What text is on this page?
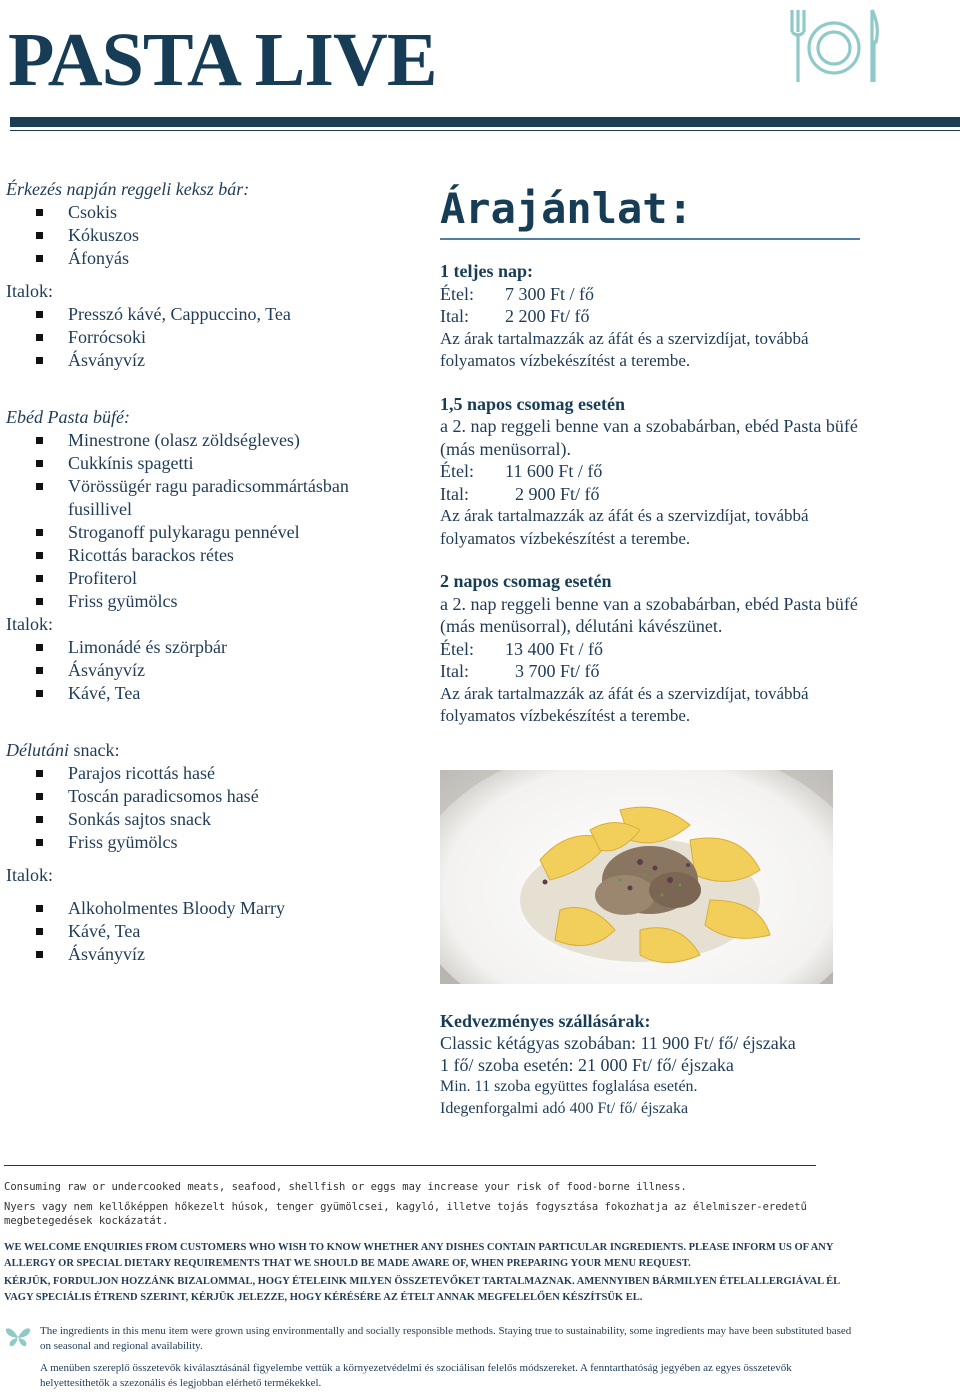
PASTA LIVE
Érkezés napján reggeli keksz bár:
Csokis
Kókuszos
Áfonyás
Italok:
Presszó kávé, Cappuccino, Tea
Forrócsoki
Ásványvíz
Ebéd Pasta büfé:
Minestrone (olasz zöldségleves)
Cukkínis spagetti
Vörössügér ragu paradicsommártásban fusillivel
Stroganoff pulykaragu pennével
Ricottás barackos rétes
Profiterol
Friss gyümölcs
Italok:
Limonádé és szörpbár
Ásványvíz
Kávé, Tea
Délutáni snack:
Parajos ricottás hasé
Toscán paradicsomos hasé
Sonkás sajtos snack
Friss gyümölcs
Italok:
Alkoholmentes Bloody Marry
Kávé, Tea
Ásványvíz
Árajánlat:
1 teljes nap:
Étel:	7 300 Ft / fő
Ital:	2 200 Ft/ fő
Az árak tartalmazzák az áfát és a szervizdíjat, továbbá folyamatos vízbekészítést a terembe.
1,5 napos csomag esetén
a 2. nap reggeli benne van a szobabárban, ebéd Pasta büfé (más menüsorral).
Étel:	11 600 Ft / fő
Ital:	2 900 Ft/ fő
Az árak tartalmazzák az áfát és a szervizdíjat, továbbá folyamatos vízbekészítést a terembe.
2 napos csomag esetén
a 2. nap reggeli benne van a szobabárban, ebéd Pasta büfé (más menüsorral), délutáni kávészünet.
Étel:	13 400 Ft / fő
Ital:	3 700 Ft/ fő
Az árak tartalmazzák az áfát és a szervizdíjat, továbbá folyamatos vízbekészítést a terembe.
Kedvezményes szállásárak:
Classic kétágyas szobában: 11 900 Ft/ fő/ éjszaka
1 fő/ szoba esetén: 21 000 Ft/ fő/ éjszaka
Min. 11 szoba együttes foglalása esetén.
Idegenforgalmi adó 400 Ft/ fő/ éjszaka
Consuming raw or undercooked meats, seafood, shellfish or eggs may increase your risk of food-borne illness.
Nyers vagy nem kellőképpen hőkezelt húsok, tenger gyümölcsei, kagyló, illetve tojás fogysztása fokozhatja az élelmiszer-eredetű megbetegedések kockázatát.
WE WELCOME ENQUIRIES FROM CUSTOMERS WHO WISH TO KNOW WHETHER ANY DISHES CONTAIN PARTICULAR INGREDIENTS. PLEASE INFORM US OF ANY ALLERGY OR SPECIAL DIETARY REQUIREMENTS THAT WE SHOULD BE MADE AWARE OF, WHEN PREPARING YOUR MENU REQUEST.
KÉRJÜK, FORDULJON HOZZÁNK BIZALOMMAL, HOGY ÉTELEINK MILYEN ÖSSZETEVŐKET TARTALMAZNAK. AMENNYIBEN BÁRMILYEN ÉTELALLERGIÁVAL ÉL VAGY SPECIÁLIS ÉTREND SZERINT, KÉRJÜK JELEZZE, HOGY KÉRÉSÉRE AZ ÉTELT ANNAK MEGFELELŐEN KÉSZÍTSÜK EL.
The ingredients in this menu item were grown using environmentally and socially responsible methods. Staying true to sustainability, some ingredients may have been substituted based on seasonal and regional availability.
A menüben szereplő összetevők kiválasztásánál figyelembe vettük a környezetvédelmi és szociálisan felelős módszereket. A fenntarthatóság jegyében az egyes összetevők helyettesíthetők a szezonális és legjobban elérhető termékekkel.
